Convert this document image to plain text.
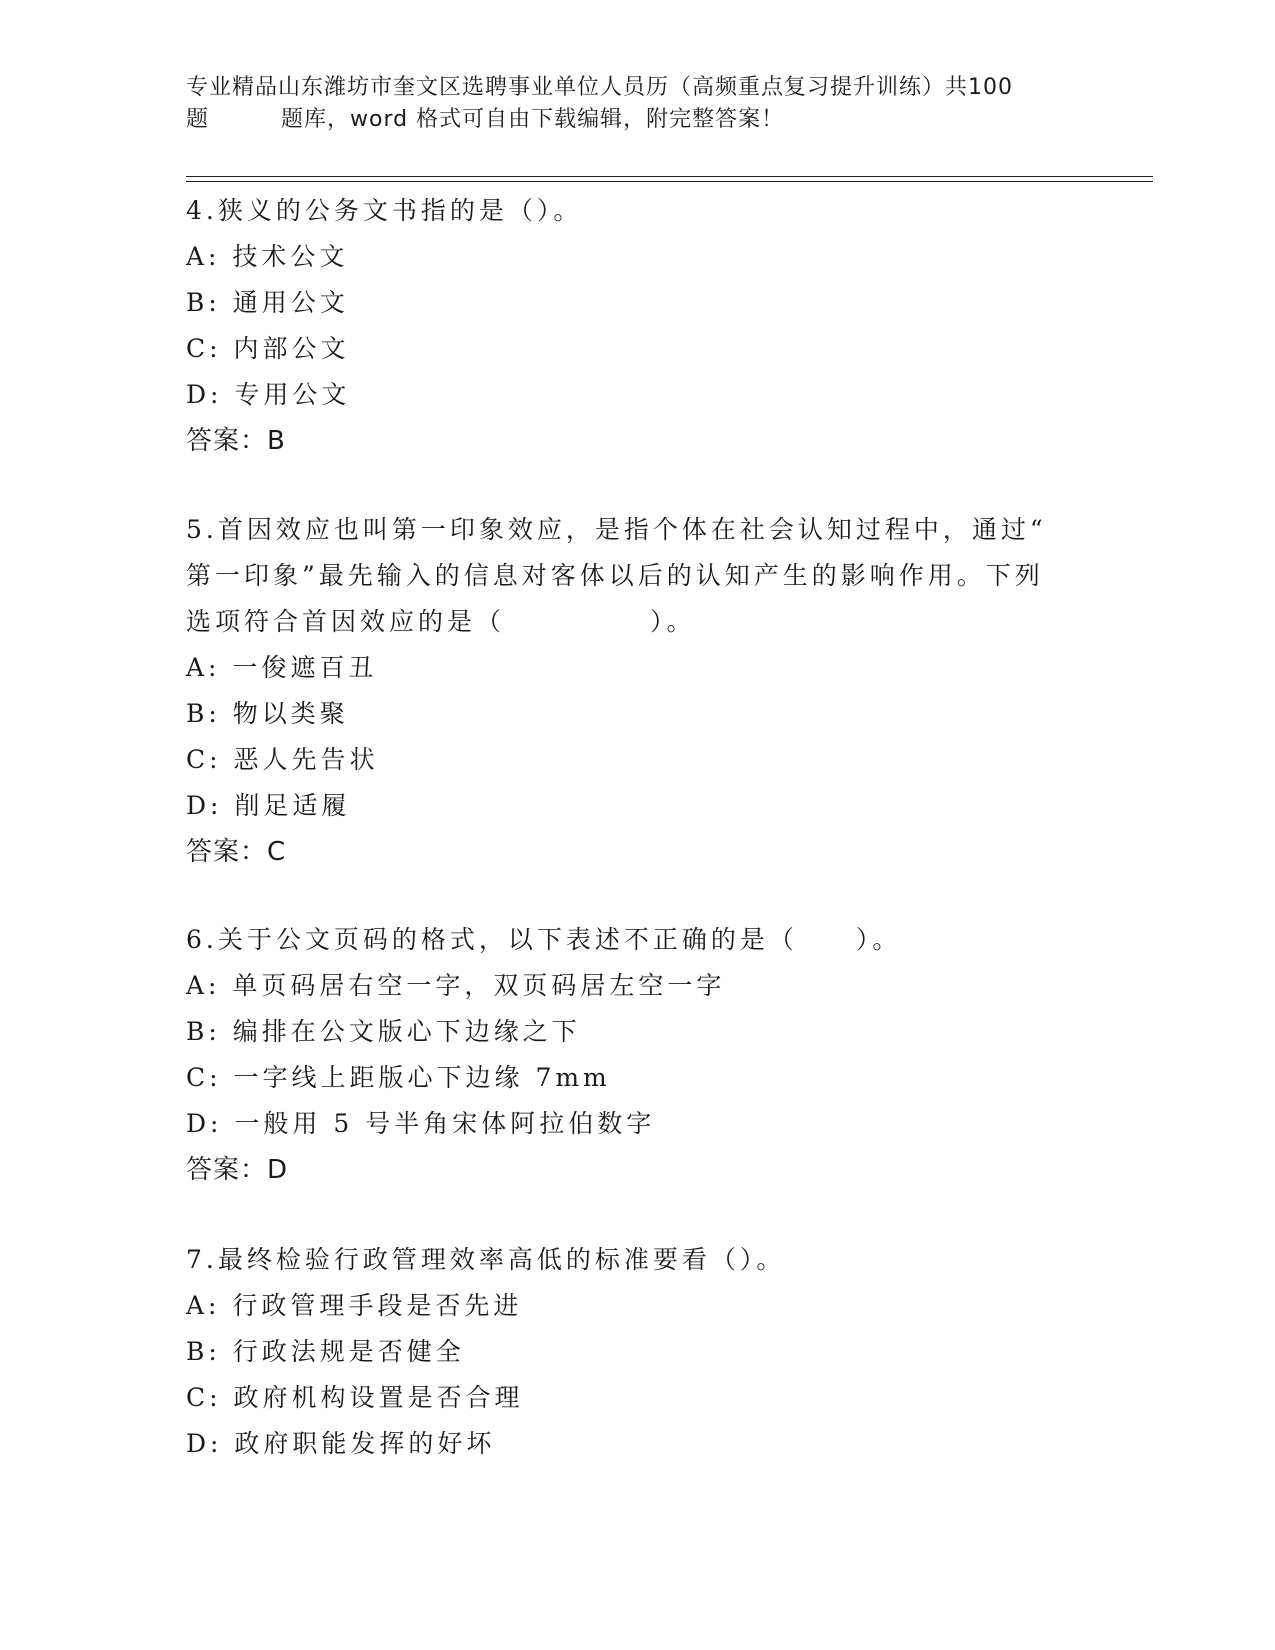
专业精品山东潍坊市奎文区选聘事业单位人员历（高频重点复习提升训练）共100
题	题库，word 格式可自由下载编辑，附完整答案！
4.狭义的公务文书指的是（）。
A: 技术公文
B: 通用公文
C: 内部公文
D: 专用公文
答案：B
5.首因效应也叫第一印象效应，是指个体在社会认知过程中，通过“
第一印象”最先输入的信息对客体以后的认知产生的影响作用。下列
选项符合首因效应的是（　　　　　）。
A: 一俊遮百丑
B: 物以类聚
C: 恶人先告状
D: 削足适履
答案：C
6.关于公文页码的格式，以下表述不正确的是（　　）。
A: 单页码居右空一字，双页码居左空一字
B: 编排在公文版心下边缘之下
C: 一字线上距版心下边缘 7mm
D: 一般用 5 号半角宋体阿拉伯数字
答案：D
7.最终检验行政管理效率高低的标准要看（）。
A: 行政管理手段是否先进
B: 行政法规是否健全
C: 政府机构设置是否合理
D: 政府职能发挥的好坏
